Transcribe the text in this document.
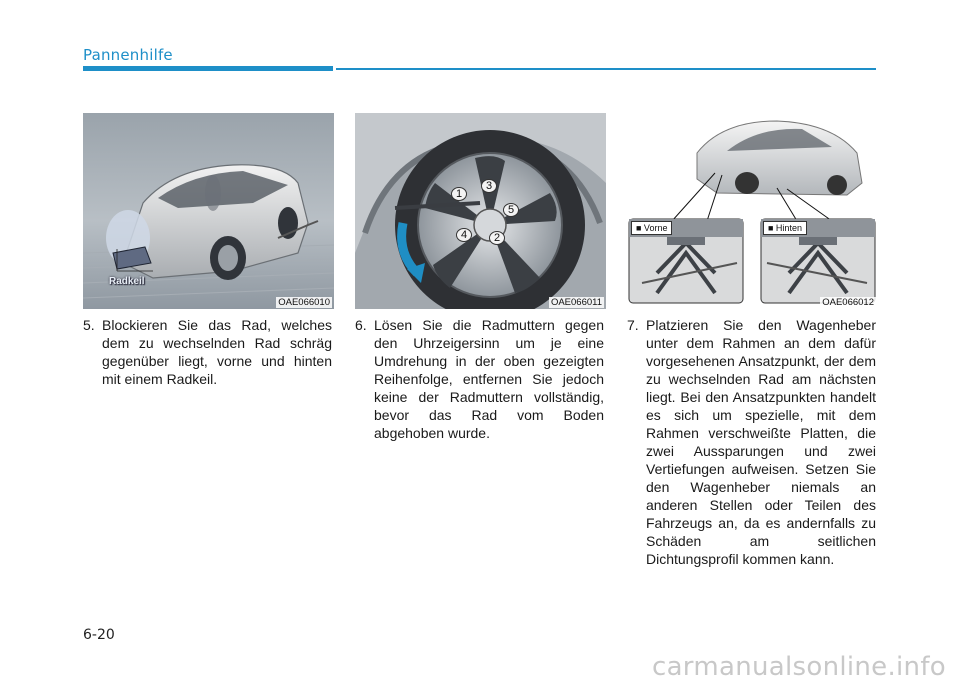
Pannenhilfe
Radkeil
OAE066010
1
2
3
4
5
OAE066011
■ Vorne	■ Hinten
OAE066012
5. Blockieren Sie das Rad, welches dem zu wechselnden Rad schräg gegenüber liegt, vorne und hinten mit einem Radkeil.
6. Lösen Sie die Radmuttern gegen den Uhrzeigersinn um je eine Umdrehung in der oben gezeigten Reihenfolge, entfernen Sie jedoch keine der Radmuttern vollständig, bevor das Rad vom Boden abgehoben wurde.
7. Platzieren Sie den Wagenheber unter dem Rahmen an dem dafür vorgesehenen Ansatzpunkt, der dem zu wechselnden Rad am nächsten liegt. Bei den Ansatzpunkten handelt es sich um spezielle, mit dem Rahmen verschweißte Platten, die zwei Aussparungen und zwei Vertiefungen aufweisen. Setzen Sie den Wagenheber niemals an anderen Stellen oder Teilen des Fahrzeugs an, da es andernfalls zu Schäden am seitlichen Dichtungsprofil kommen kann.
6-20
carmanualsonline.info
